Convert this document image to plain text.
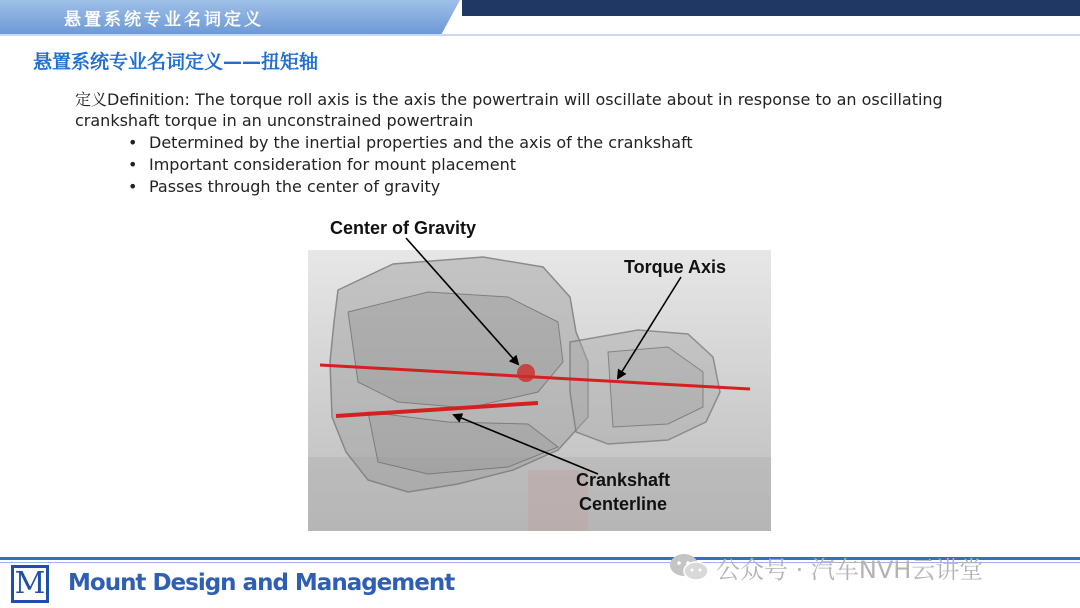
悬置系统专业名词定义
悬置系统专业名词定义——扭矩轴
定义Definition: The torque roll axis is the axis the powertrain will oscillate about in response to an oscillating
crankshaft torque in an unconstrained powertrain
• Determined by the inertial properties and the axis of the crankshaft
• Important consideration for mount placement
• Passes through the center of gravity
Center of Gravity
Torque Axis
Crankshaft
Centerline
M Mount Design and Management	公众号 · 汽车NVH云讲堂
